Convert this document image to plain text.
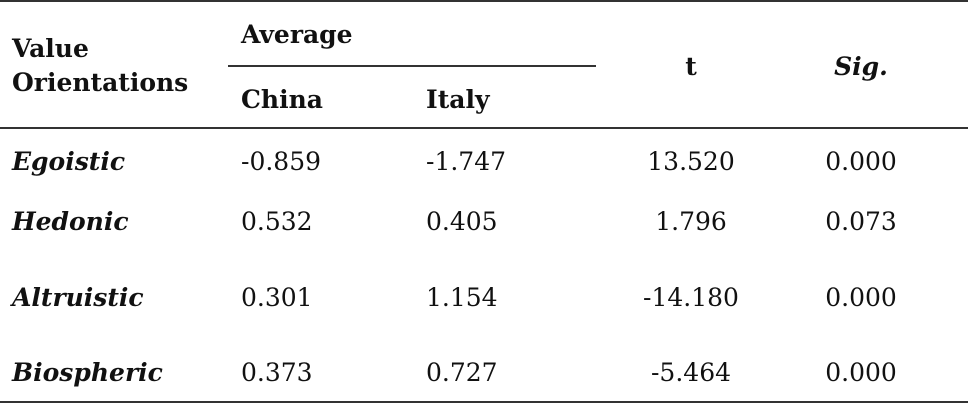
Value
Orientations
Average
China	Italy
t	Sig.
Egoistic	-0.859	-1.747	13.520	0.000
Hedonic	0.532	0.405	1.796	0.073
Altruistic	0.301	1.154	-14.180	0.000
Biospheric	0.373	0.727	-5.464	0.000
